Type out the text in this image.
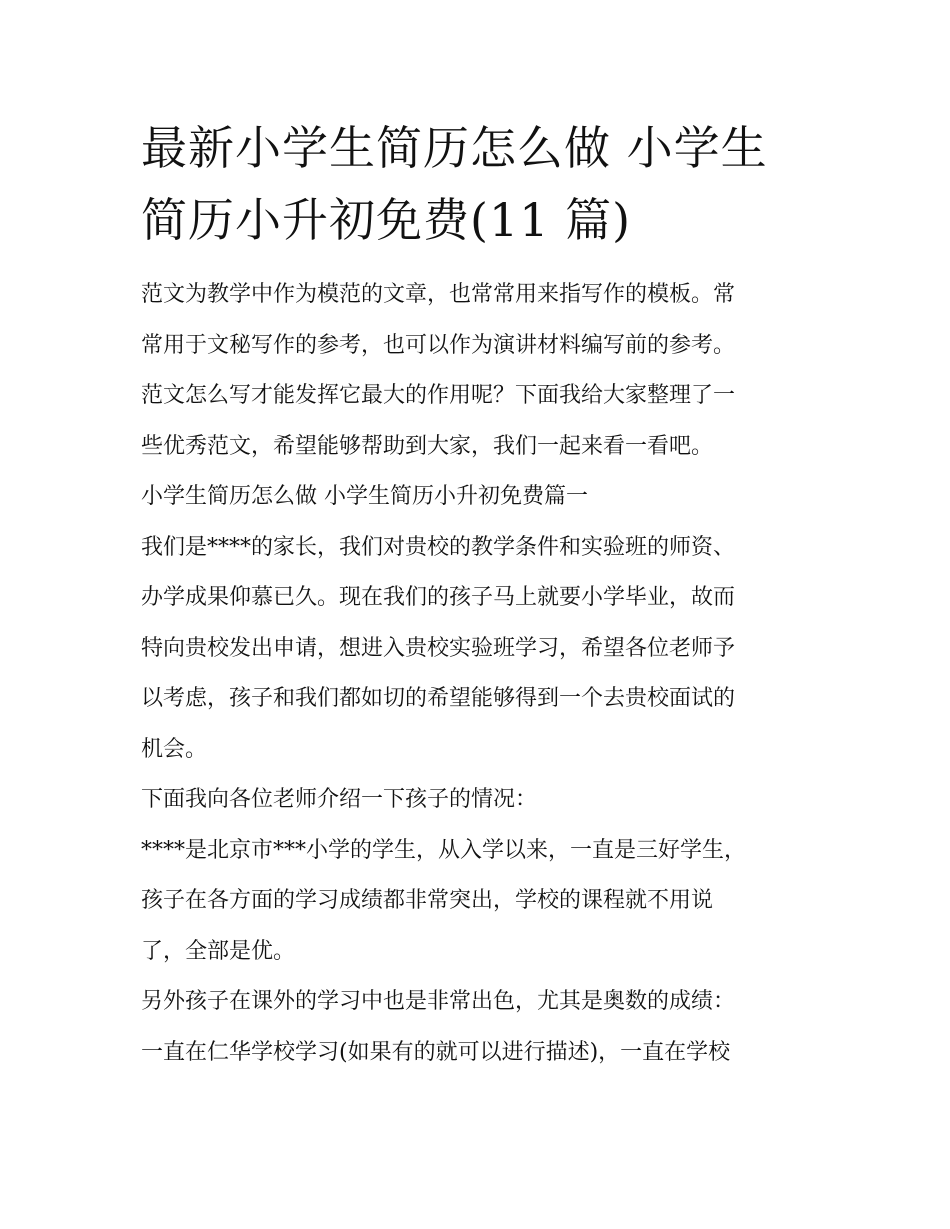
最新小学生简历怎么做 小学生
简历小升初免费(11 篇)

范文为教学中作为模范的文章，也常常用来指写作的模板。常
常用于文秘写作的参考，也可以作为演讲材料编写前的参考。
范文怎么写才能发挥它最大的作用呢？下面我给大家整理了一
些优秀范文，希望能够帮助到大家，我们一起来看一看吧。

小学生简历怎么做 小学生简历小升初免费篇一

我们是****的家长，我们对贵校的教学条件和实验班的师资、
办学成果仰慕已久。现在我们的孩子马上就要小学毕业，故而
特向贵校发出申请，想进入贵校实验班学习，希望各位老师予
以考虑，孩子和我们都如切的希望能够得到一个去贵校面试的
机会。

下面我向各位老师介绍一下孩子的情况：

****是北京市***小学的学生，从入学以来，一直是三好学生，
孩子在各方面的学习成绩都非常突出，学校的课程就不用说
了，全部是优。

另外孩子在课外的学习中也是非常出色，尤其是奥数的成绩：
一直在仁华学校学习(如果有的就可以进行描述)，一直在学校
